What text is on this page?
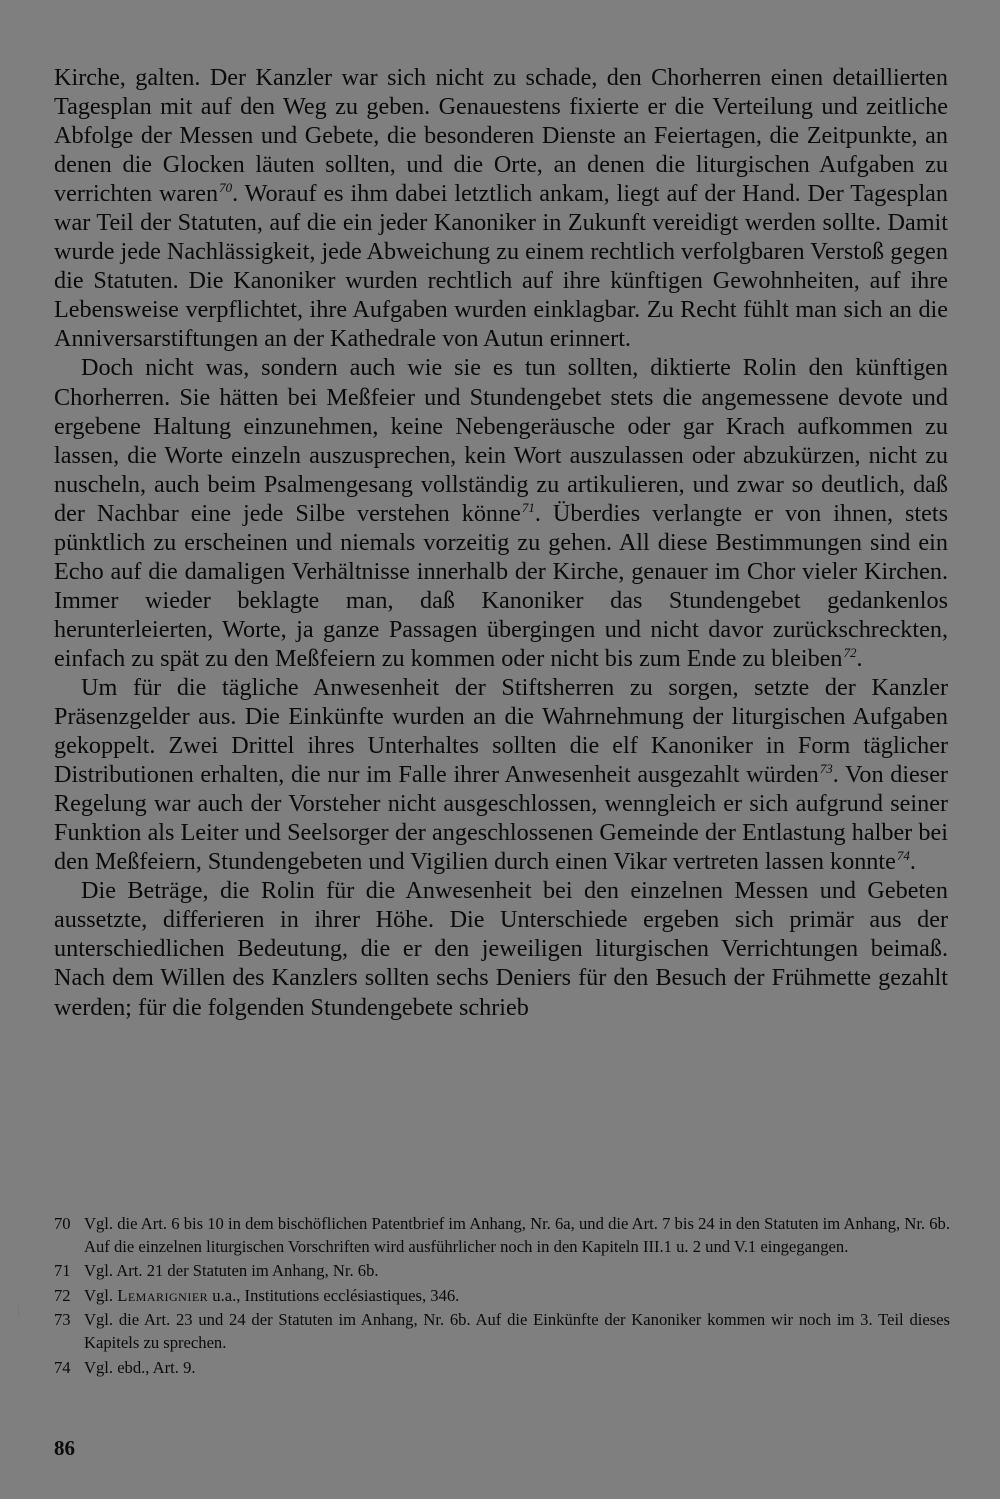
Kirche, galten. Der Kanzler war sich nicht zu schade, den Chorherren einen detaillierten Tagesplan mit auf den Weg zu geben. Genauestens fixierte er die Verteilung und zeitliche Abfolge der Messen und Gebete, die besonderen Dienste an Feiertagen, die Zeitpunkte, an denen die Glocken läuten sollten, und die Orte, an denen die liturgischen Aufgaben zu verrichten waren$^{70}$. Worauf es ihm dabei letztlich ankam, liegt auf der Hand. Der Tagesplan war Teil der Statuten, auf die ein jeder Kanoniker in Zukunft vereidigt werden sollte. Damit wurde jede Nachlässigkeit, jede Abweichung zu einem rechtlich verfolgbaren Verstoß gegen die Statuten. Die Kanoniker wurden rechtlich auf ihre künftigen Gewohnheiten, auf ihre Lebensweise verpflichtet, ihre Aufgaben wurden einklagbar. Zu Recht fühlt man sich an die Anniversarstiftungen an der Kathedrale von Autun erinnert.

Doch nicht was, sondern auch wie sie es tun sollten, diktierte Rolin den künftigen Chorherren. Sie hätten bei Meßfeier und Stundengebet stets die angemessene devote und ergebene Haltung einzunehmen, keine Nebengeräusche oder gar Krach aufkommen zu lassen, die Worte einzeln auszusprechen, kein Wort auszulassen oder abzukürzen, nicht zu nuscheln, auch beim Psalmengesang vollständig zu artikulieren, und zwar so deutlich, daß der Nachbar eine jede Silbe verstehen könne$^{71}$. Überdies verlangte er von ihnen, stets pünktlich zu erscheinen und niemals vorzeitig zu gehen. All diese Bestimmungen sind ein Echo auf die damaligen Verhältnisse innerhalb der Kirche, genauer im Chor vieler Kirchen. Immer wieder beklagte man, daß Kanoniker das Stundengebet gedankenlos herunterleierten, Worte, ja ganze Passagen übergingen und nicht davor zurückschreckten, einfach zu spät zu den Meßfeiern zu kommen oder nicht bis zum Ende zu bleiben$^{72}$.

Um für die tägliche Anwesenheit der Stiftsherren zu sorgen, setzte der Kanzler Präsenzgelder aus. Die Einkünfte wurden an die Wahrnehmung der liturgischen Aufgaben gekoppelt. Zwei Drittel ihres Unterhaltes sollten die elf Kanoniker in Form täglicher Distributionen erhalten, die nur im Falle ihrer Anwesenheit ausgezahlt würden$^{73}$. Von dieser Regelung war auch der Vorsteher nicht ausgeschlossen, wenngleich er sich aufgrund seiner Funktion als Leiter und Seelsorger der angeschlossenen Gemeinde der Entlastung halber bei den Meßfeiern, Stundengebeten und Vigilien durch einen Vikar vertreten lassen konnte$^{74}$.

Die Beträge, die Rolin für die Anwesenheit bei den einzelnen Messen und Gebeten aussetzte, differieren in ihrer Höhe. Die Unterschiede ergeben sich primär aus der unterschiedlichen Bedeutung, die er den jeweiligen liturgischen Verrichtungen beimaß. Nach dem Willen des Kanzlers sollten sechs Deniers für den Besuch der Frühmette gezahlt werden; für die folgenden Stundengebete schrieb

70 Vgl. die Art. 6 bis 10 in dem bischöflichen Patentbrief im Anhang, Nr. 6a, und die Art. 7 bis 24 in den Statuten im Anhang, Nr. 6b. Auf die einzelnen liturgischen Vorschriften wird ausführlicher noch in den Kapiteln III.1 u. 2 und V.1 eingegangen.
71 Vgl. Art. 21 der Statuten im Anhang, Nr. 6b.
72 Vgl. Lemarignier u.a., Institutions ecclésiastiques, 346.
73 Vgl. die Art. 23 und 24 der Statuten im Anhang, Nr. 6b. Auf die Einkünfte der Kanoniker kommen wir noch im 3. Teil dieses Kapitels zu sprechen.
74 Vgl. ebd., Art. 9.
86
